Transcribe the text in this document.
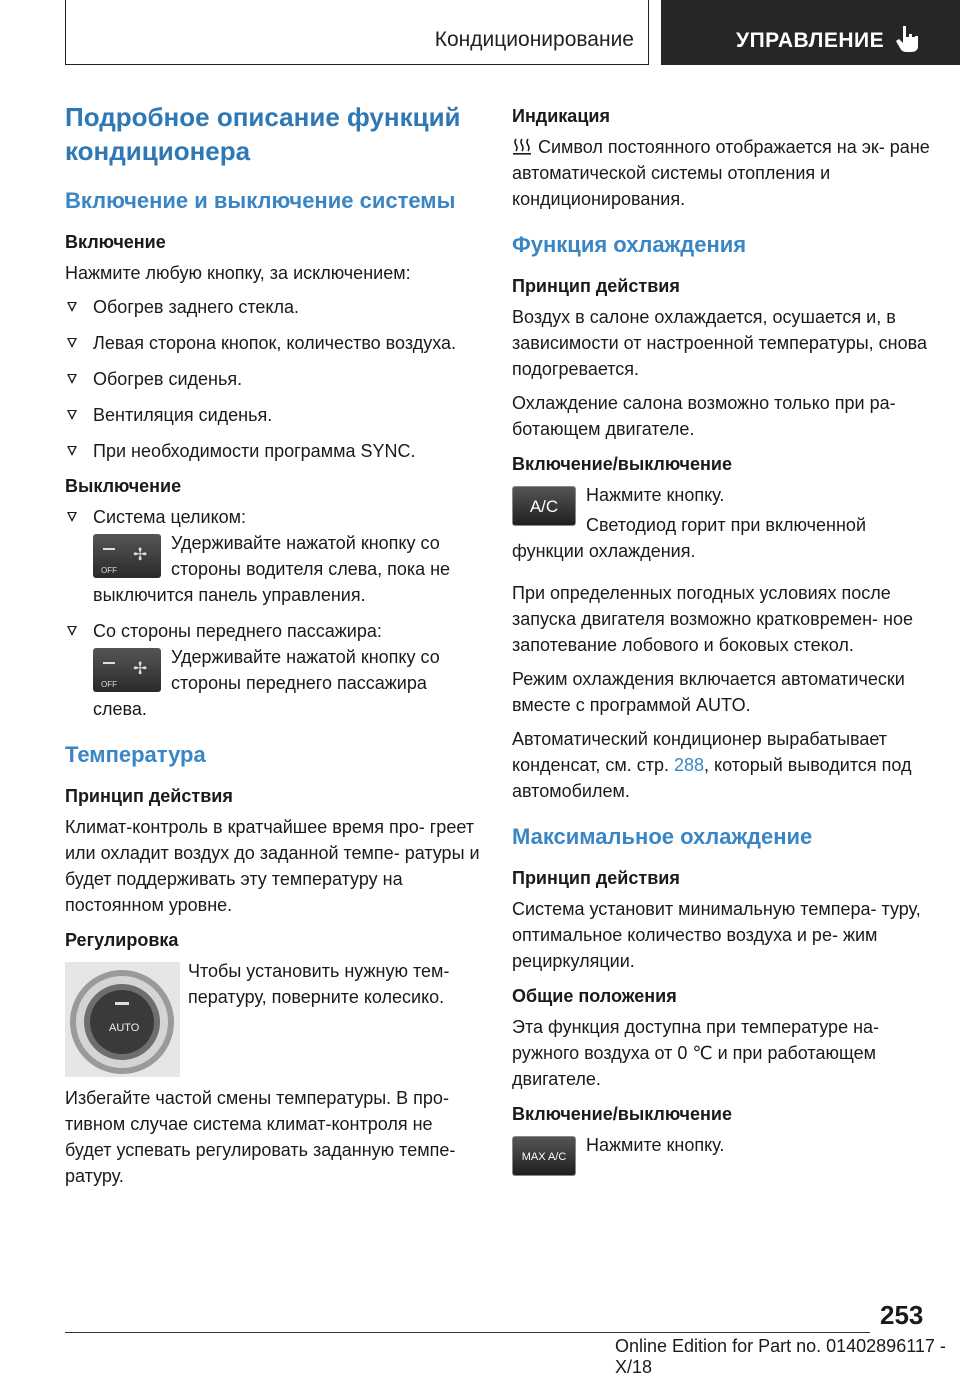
Кондиционирование	УПРАВЛЕНИЕ
Подробное описание функций кондиционера
Включение и выключение системы
Включение

Нажмите любую кнопку, за исключением:

Обогрев заднего стекла.
Левая сторона кнопок, количество воздуха.
Обогрев сиденья.
Вентиляция сиденья.
При необходимости программа SYNC.
Выключение
Система целиком:
OFF
✢
Удерживайте нажатой кнопку со стороны водителя слева, пока не выключится панель управления.
Со стороны переднего пассажира:
OFF
✢
Удерживайте нажатой кнопку со стороны переднего пассажира слева.
Температура
Принцип действия

Климат-контроль в кратчайшее время про- греет или охладит воздух до заданной темпе- ратуры и будет поддерживать эту температуру на постоянном уровне.

Регулировка
AUTO

Чтобы установить нужную тем- пературу, поверните колесико.

Избегайте частой смены температуры. В про- тивном случае система климат-контроля не будет успевать регулировать заданную темпе- ратуру.

Индикация

Символ постоянного отображается на эк- ране автоматической системы отопления и кондиционирования.

Функция охлаждения
Принцип действия

Воздух в салоне охлаждается, осушается и, в зависимости от настроенной температуры, снова подогревается.

Охлаждение салона возможно только при ра- ботающем двигателе.

Включение/выключение
A/C

Нажмите кнопку.

Светодиод горит при включенной функции охлаждения.

При определенных погодных условиях после запуска двигателя возможно кратковремен- ное запотевание лобового и боковых стекол.

Режим охлаждения включается автоматически вместе с программой AUTO.

Автоматический кондиционер вырабатывает конденсат, см. стр. 288, который выводится под автомобилем.

Максимальное охлаждение
Принцип действия

Система установит минимальную темпера- туру, оптимальное количество воздуха и ре- жим рециркуляции.

Общие положения

Эта функция доступна при температуре на- ружного воздуха от 0 ℃ и при работающем двигателе.

Включение/выключение
MAX A/C

Нажмите кнопку.

253
Online Edition for Part no. 01402896117 - X/18
